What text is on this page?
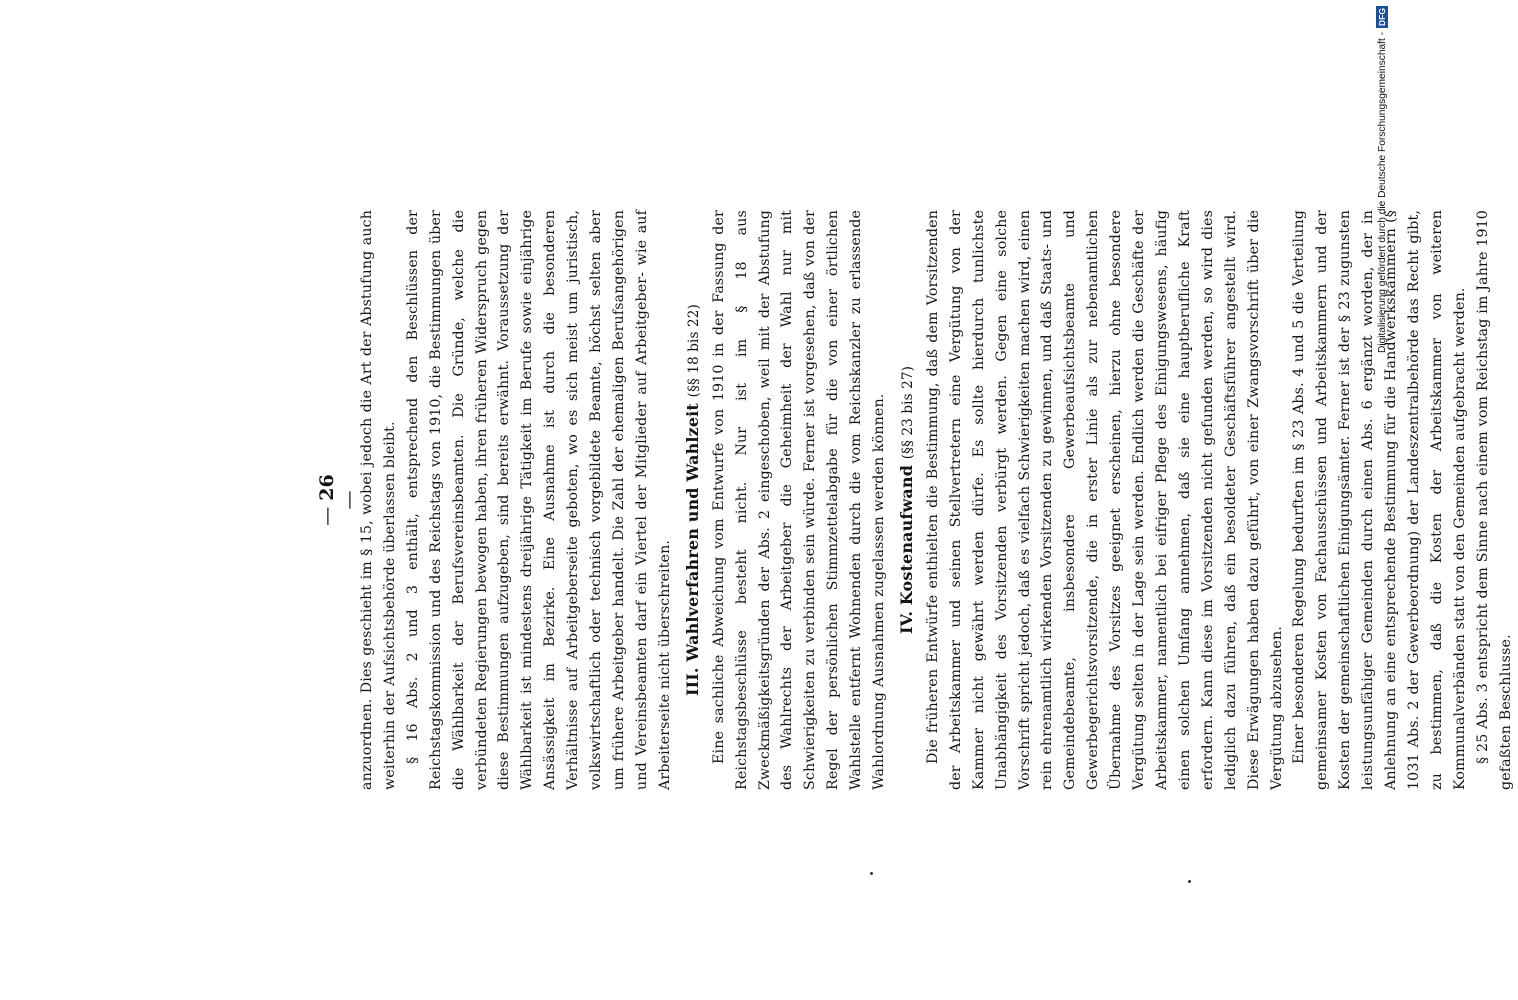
— 26 —	anzuordnen. Dies geschieht im § 15, wobei jedoch die Art der Abstufung auch weiterhin der Aufsichtsbehörde überlassen bleibt. § 16 Abs. 2 und 3 enthält, entsprechend den Beschlüssen der Reichstagskommission und des Reichstags von 1910, die Bestimmungen über die Wählbarkeit der Berufsvereinsbeamten. Die Gründe, welche die verbündeten Regierungen bewogen haben, ihren früheren Widerspruch gegen diese Bestimmungen aufzugeben, sind bereits erwähnt. Voraussetzung der Wählbarkeit ist mindestens dreijährige Tätigkeit im Berufe sowie einjährige Ansässigkeit im Bezirke. Eine Ausnahme ist durch die besonderen Verhältnisse auf Arbeitgeberseite geboten, wo es sich meist um juristisch, volkswirtschaftlich oder technisch vorgebildete Beamte, höchst selten aber um frühere Arbeitgeber handelt. Die Zahl der ehemaligen Berufsangehörigen und Vereinsbeamten darf ein Viertel der Mitglieder auf Arbeitgeber- wie auf Arbeiterseite nicht überschreiten. III. Wahlverfahren und Wahlzeit (§§ 18 bis 22) Eine sachliche Abweichung vom Entwurfe von 1910 in der Fassung der Reichstagsbeschlüsse besteht nicht. Nur ist im § 18 aus Zweckmäßigkeitsgründen der Abs. 2 eingeschoben, weil mit der Abstufung des Wahlrechts der Arbeitgeber die Geheimheit der Wahl nur mit Schwierigkeiten zu verbinden sein würde. Ferner ist vorgesehen, daß von der Regel der persönlichen Stimmzettelabgabe für die von einer örtlichen Wahlstelle entfernt Wohnenden durch die vom Reichskanzler zu erlassende Wahlordnung Ausnahmen zugelassen werden können. IV. Kostenaufwand (§§ 23 bis 27) Die früheren Entwürfe enthielten die Bestimmung, daß dem Vorsitzenden der Arbeitskammer und seinen Stellvertretern eine Vergütung von der Kammer nicht gewährt werden dürfe. Es sollte hierdurch tunlichste Unabhängigkeit des Vorsitzenden verbürgt werden. Gegen eine solche Vorschrift spricht jedoch, daß es vielfach Schwierigkeiten machen wird, einen rein ehrenamtlich wirkenden Vorsitzenden zu gewinnen, und daß Staats- und Gemeindebeamte, insbesondere Gewerbeaufsichtsbeamte und Gewerbegerichtsvorsitzende, die in erster Linie als zur nebenamtlichen Übernahme des Vorsitzes geeignet erscheinen, hierzu ohne besondere Vergütung selten in der Lage sein werden. Endlich werden die Geschäfte der Arbeitskammer, namentlich bei eifriger Pflege des Einigungswesens, häufig einen solchen Umfang annehmen, daß sie eine hauptberufliche Kraft erfordern. Kann diese im Vorsitzenden nicht gefunden werden, so wird dies lediglich dazu führen, daß ein besoldeter Geschäftsführer angestellt wird. Diese Erwägungen haben dazu geführt, von einer Zwangsvorschrift über die Vergütung abzusehen. Einer besonderen Regelung bedurften im § 23 Abs. 4 und 5 die Verteilung gemeinsamer Kosten von Fachausschüssen und Arbeitskammern und der Kosten der gemeinschaftlichen Einigungsämter. Ferner ist der § 23 zugunsten leistungsunfähiger Gemeinden durch einen Abs. 6 ergänzt worden, der in Anlehnung an eine entsprechende Bestimmung für die Handwerkskammern (§ 1031 Abs. 2 der Gewerbeordnung) der Landeszentralbehörde das Recht gibt, zu bestimmen, daß die Kosten der Arbeitskammer von weiteren Kommunalverbänden statt von den Gemeinden aufgebracht werden. § 25 Abs. 3 entspricht dem Sinne nach einem vom Reichstag im Jahre 1910 gefaßten Beschlusse.

Digitalisierung gefördert durch die Deutsche Forschungsgemeinschaft -
DFG
